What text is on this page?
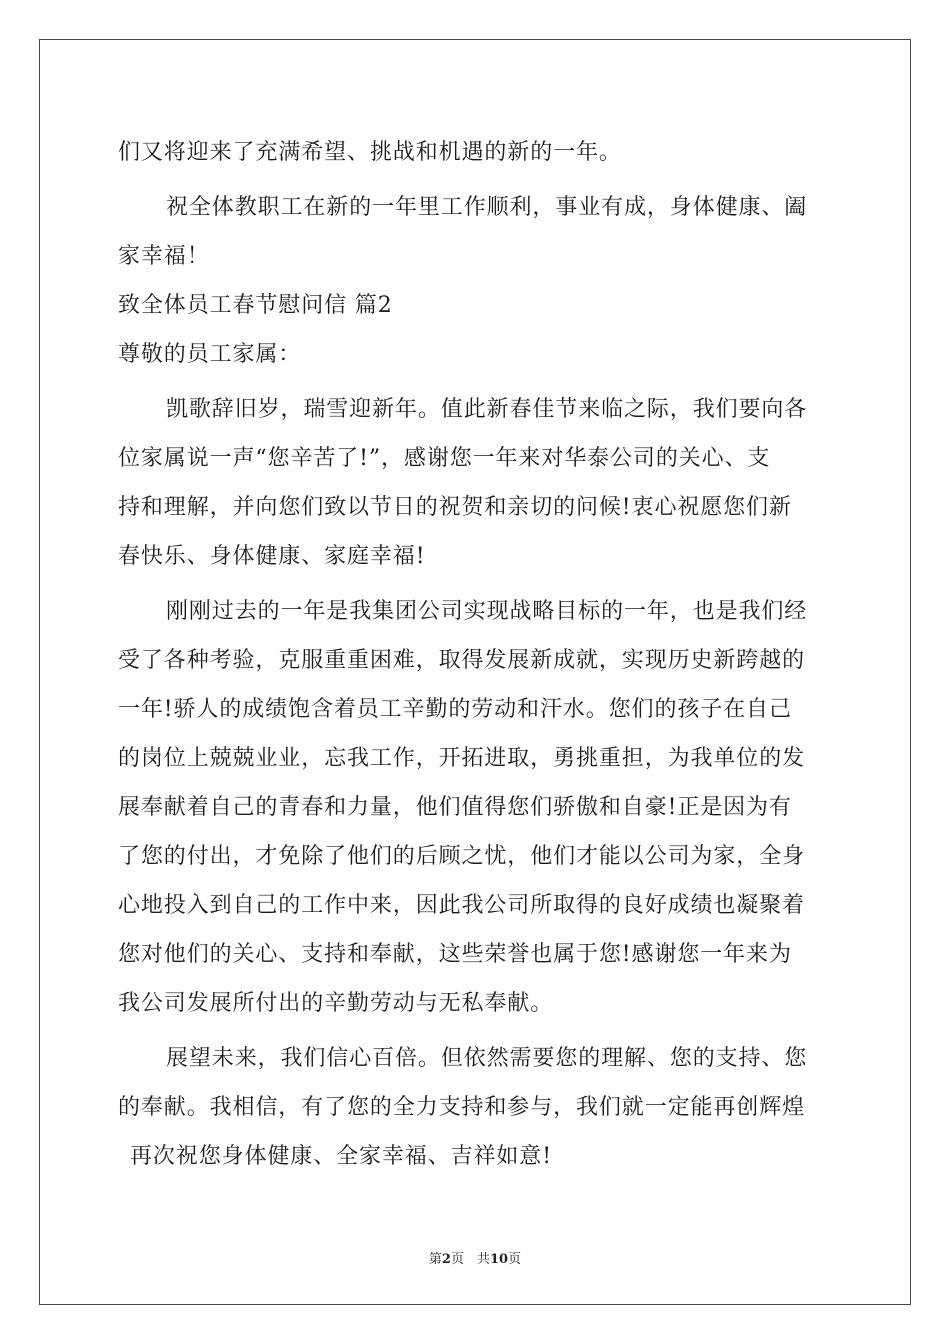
们又将迎来了充满希望、挑战和机遇的新的一年。
祝全体教职工在新的一年里工作顺利，事业有成，身体健康、阖
家幸福！
致全体员工春节慰问信 篇2
尊敬的员工家属：
凯歌辞旧岁，瑞雪迎新年。值此新春佳节来临之际，我们要向各
位家属说一声“您辛苦了!”，感谢您一年来对华泰公司的关心、支
持和理解，并向您们致以节日的祝贺和亲切的问候!衷心祝愿您们新
春快乐、身体健康、家庭幸福!
刚刚过去的一年是我集团公司实现战略目标的一年，也是我们经
受了各种考验，克服重重困难，取得发展新成就，实现历史新跨越的
一年!骄人的成绩饱含着员工辛勤的劳动和汗水。您们的孩子在自己
的岗位上兢兢业业，忘我工作，开拓进取，勇挑重担，为我单位的发
展奉献着自己的青春和力量，他们值得您们骄傲和自豪!正是因为有
了您的付出，才免除了他们的后顾之忧，他们才能以公司为家，全身
心地投入到自己的工作中来，因此我公司所取得的良好成绩也凝聚着
您对他们的关心、支持和奉献，这些荣誉也属于您!感谢您一年来为
我公司发展所付出的辛勤劳动与无私奉献。
展望未来，我们信心百倍。但依然需要您的理解、您的支持、您
的奉献。我相信，有了您的全力支持和参与，我们就一定能再创辉煌
再次祝您身体健康、全家幸福、吉祥如意!
第2页　共10页
